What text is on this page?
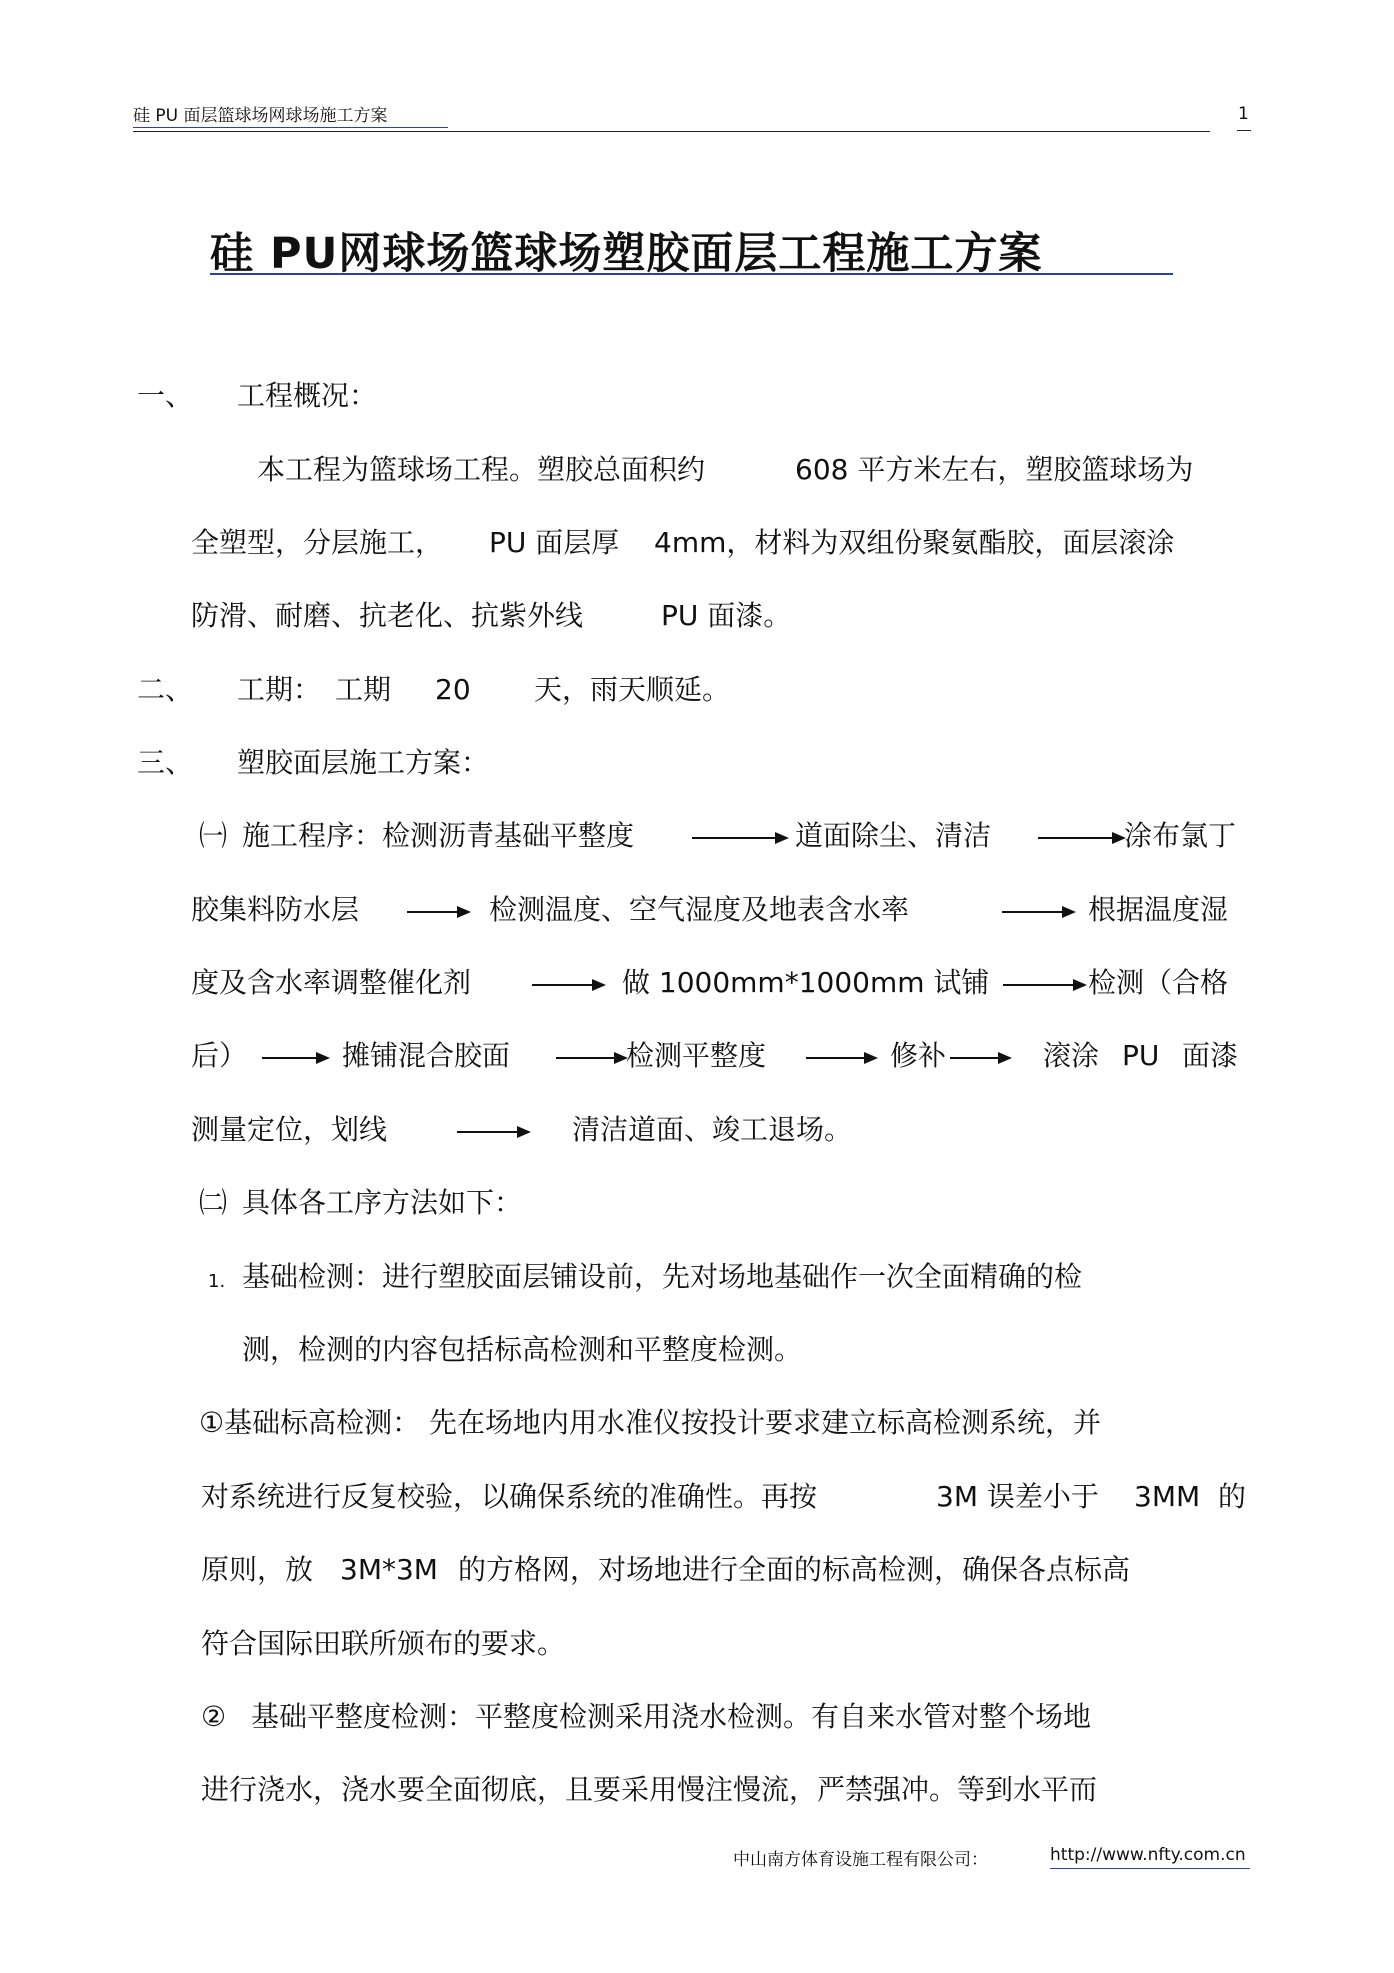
硅 PU 面层篮球场网球场施工方案	1
硅 PU网球场篮球场塑胶面层工程施工方案
一、 工程概况：
本工程为篮球场工程。塑胶总面积约	608 平方米左右，塑胶篮球场为
全塑型，分层施工， PU 面层厚 4mm，材料为双组份聚氨酯胶，面层滚涂
防滑、耐磨、抗老化、抗紫外线	PU 面漆。
二、 工期： 工期 20 天，雨天顺延。
三、 塑胶面层施工方案：
㈠ 施工程序：检测沥青基础平整度	道面除尘、清洁	涂布氯丁
胶集料防水层	检测温度、空气湿度及地表含水率	根据温度湿
度及含水率调整催化剂	做 1000mm*1000mm 试铺	检测（合格
后）	摊铺混合胶面	检测平整度	修补	滚涂 PU 面漆
测量定位，划线	清洁道面、竣工退场。
㈡ 具体各工序方法如下：
1. 基础检测：进行塑胶面层铺设前，先对场地基础作一次全面精确的检
测，检测的内容包括标高检测和平整度检测。
①基础标高检测： 先在场地内用水准仪按投计要求建立标高检测系统，并
对系统进行反复校验，以确保系统的准确性。再按	3M 误差小于 3MM 的
原则，放 3M*3M 的方格网，对场地进行全面的标高检测，确保各点标高
符合国际田联所颁布的要求。
② 基础平整度检测：平整度检测采用浇水检测。有自来水管对整个场地
进行浇水，浇水要全面彻底，且要采用慢注慢流，严禁强冲。等到水平而
中山南方体育设施工程有限公司：	http://www.nfty.com.cn
